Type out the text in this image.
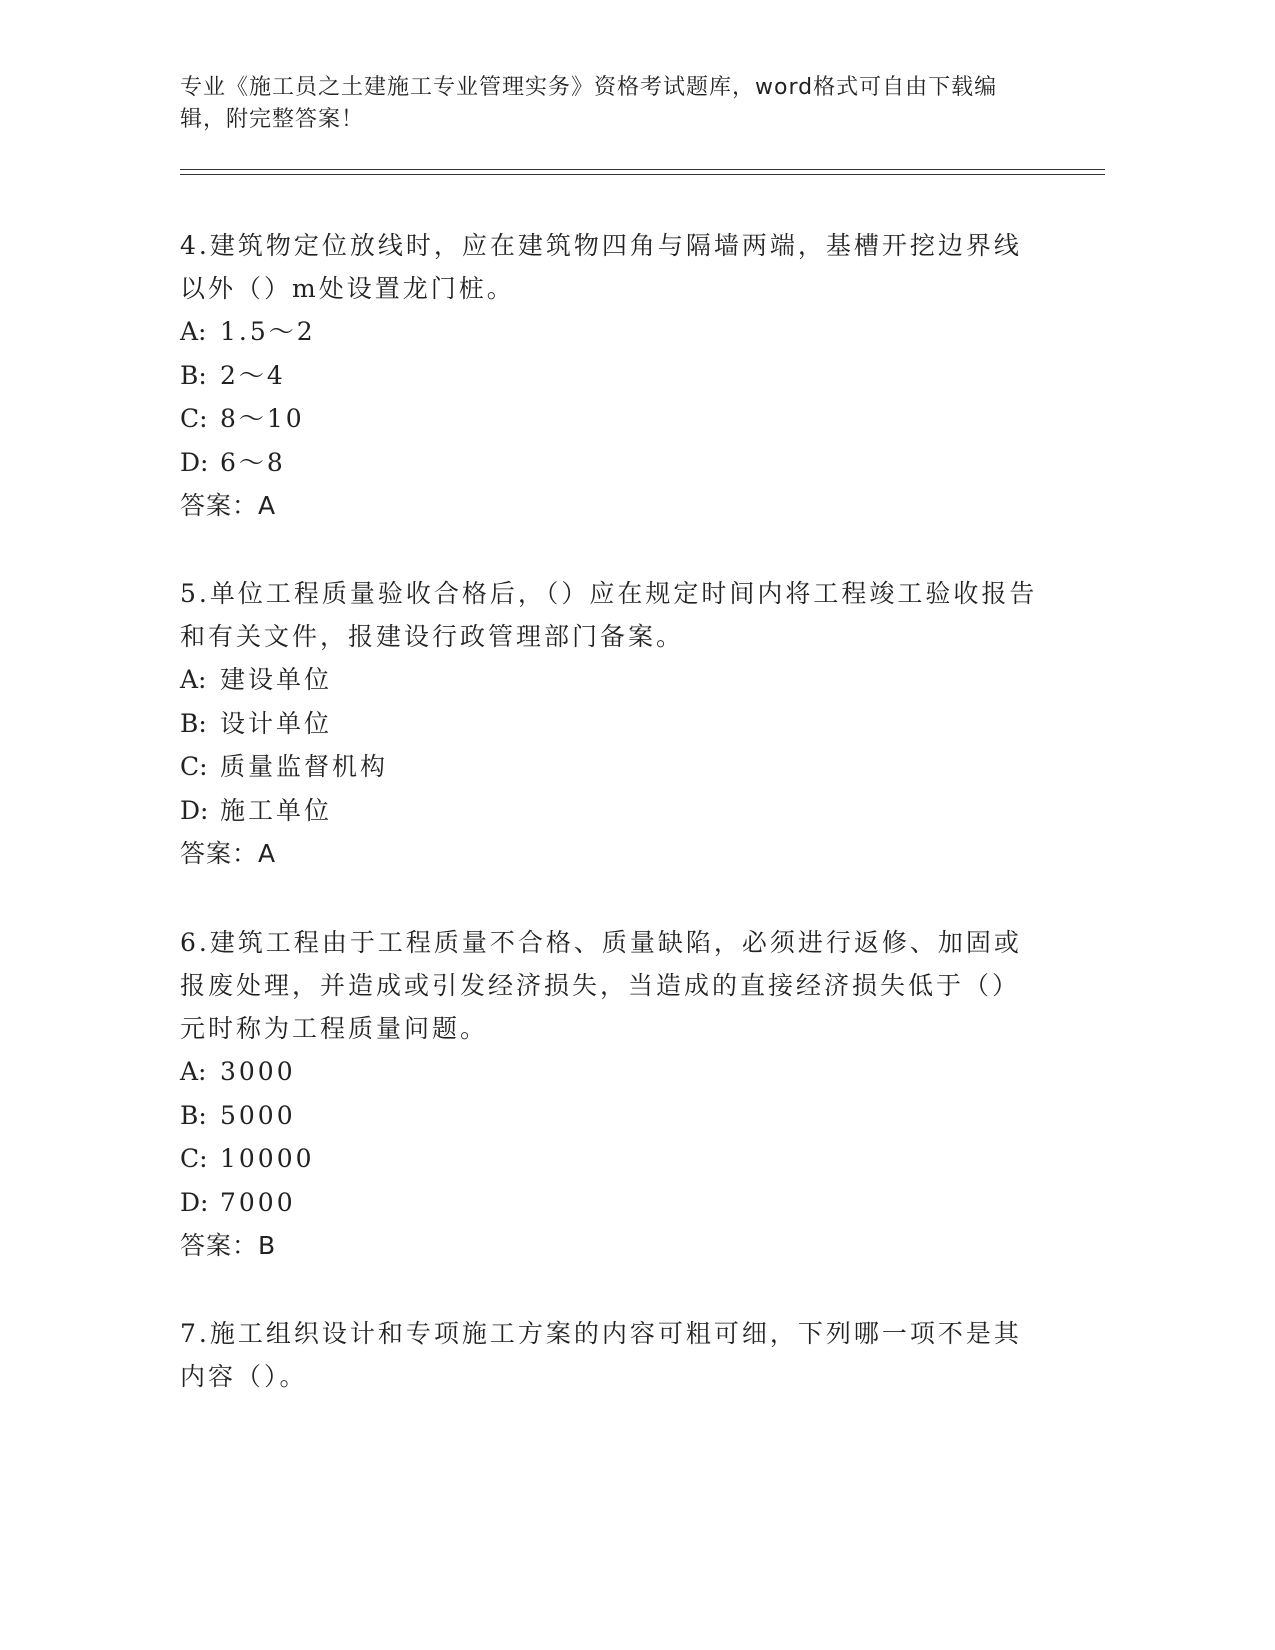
专业《施工员之土建施工专业管理实务》资格考试题库，word格式可自由下载编辑，附完整答案！

4.建筑物定位放线时，应在建筑物四角与隔墙两端，基槽开挖边界线以外（）m处设置龙门桩。

A: 1.5～2

B: 2～4

C: 8～10

D: 6～8

答案：A

5.单位工程质量验收合格后，（）应在规定时间内将工程竣工验收报告和有关文件，报建设行政管理部门备案。

A: 建设单位

B: 设计单位

C: 质量监督机构

D: 施工单位

答案：A

6.建筑工程由于工程质量不合格、质量缺陷，必须进行返修、加固或报废处理，并造成或引发经济损失，当造成的直接经济损失低于（）元时称为工程质量问题。

A: 3000

B: 5000

C: 10000

D: 7000

答案：B

7.施工组织设计和专项施工方案的内容可粗可细，下列哪一项不是其内容（）。
